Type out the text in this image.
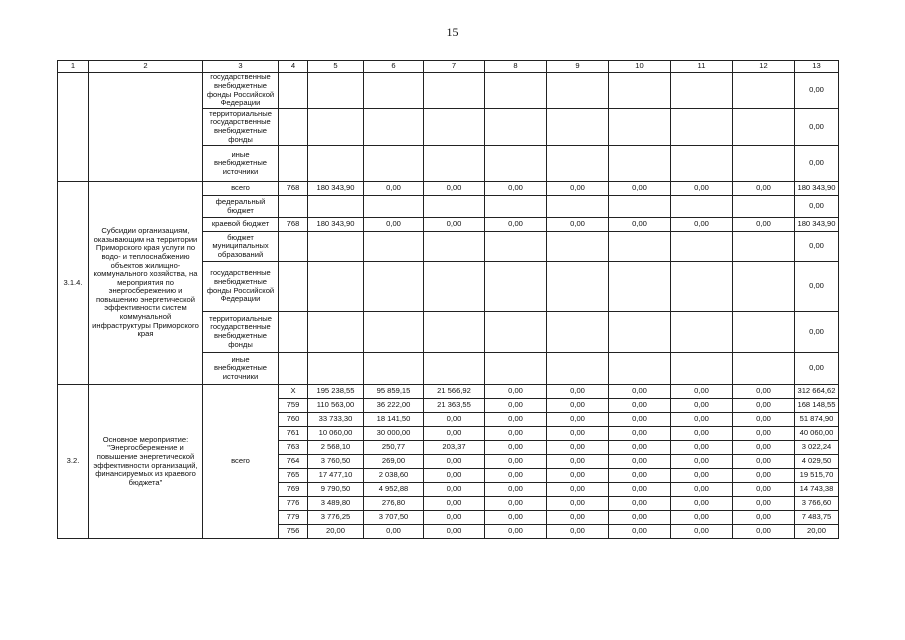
15
1	2	3	4	5	6	7	8	9	10	11	12	13
		государственные внебюджетные фонды Российской Федерации										0,00
		территориальные государственные внебюджетные фонды										0,00
		иные внебюджетные источники										0,00
3.1.4.	Субсидии организациям, оказывающим на территории Приморского края услуги по водо- и теплоснабжению объектов жилищно-коммунального хозяйства, на мероприятия по энергосбережению и повышению энергетической эффективности систем коммунальной инфраструктуры Приморского края	всего	768	180 343,90	0,00	0,00	0,00	0,00	0,00	0,00	0,00	180 343,90
		федеральный бюджет										0,00
		краевой бюджет	768	180 343,90	0,00	0,00	0,00	0,00	0,00	0,00	0,00	180 343,90
		бюджет муниципальных образований										0,00
		государственные внебюджетные фонды Российской Федерации										0,00
		территориальные государственные внебюджетные фонды										0,00
		иные внебюджетные источники										0,00
3.2.	Основное мероприятие: "Энергосбережение и повышение энергетической эффективности организаций, финансируемых из краевого бюджета"	всего	X	195 238,55	95 859,15	21 566,92	0,00	0,00	0,00	0,00	0,00	312 664,62
			759	110 563,00	36 222,00	21 363,55	0,00	0,00	0,00	0,00	0,00	168 148,55
			760	33 733,30	18 141,50	0,00	0,00	0,00	0,00	0,00	0,00	51 874,90
			761	10 060,00	30 000,00	0,00	0,00	0,00	0,00	0,00	0,00	40 060,00
			763	2 568,10	250,77	203,37	0,00	0,00	0,00	0,00	0,00	3 022,24
			764	3 760,50	269,00	0,00	0,00	0,00	0,00	0,00	0,00	4 029,50
			765	17 477,10	2 038,60	0,00	0,00	0,00	0,00	0,00	0,00	19 515,70
			769	9 790,50	4 952,88	0,00	0,00	0,00	0,00	0,00	0,00	14 743,38
			776	3 489,80	276,80	0,00	0,00	0,00	0,00	0,00	0,00	3 766,60
			779	3 776,25	3 707,50	0,00	0,00	0,00	0,00	0,00	0,00	7 483,75
			756	20,00	0,00	0,00	0,00	0,00	0,00	0,00	0,00	20,00
